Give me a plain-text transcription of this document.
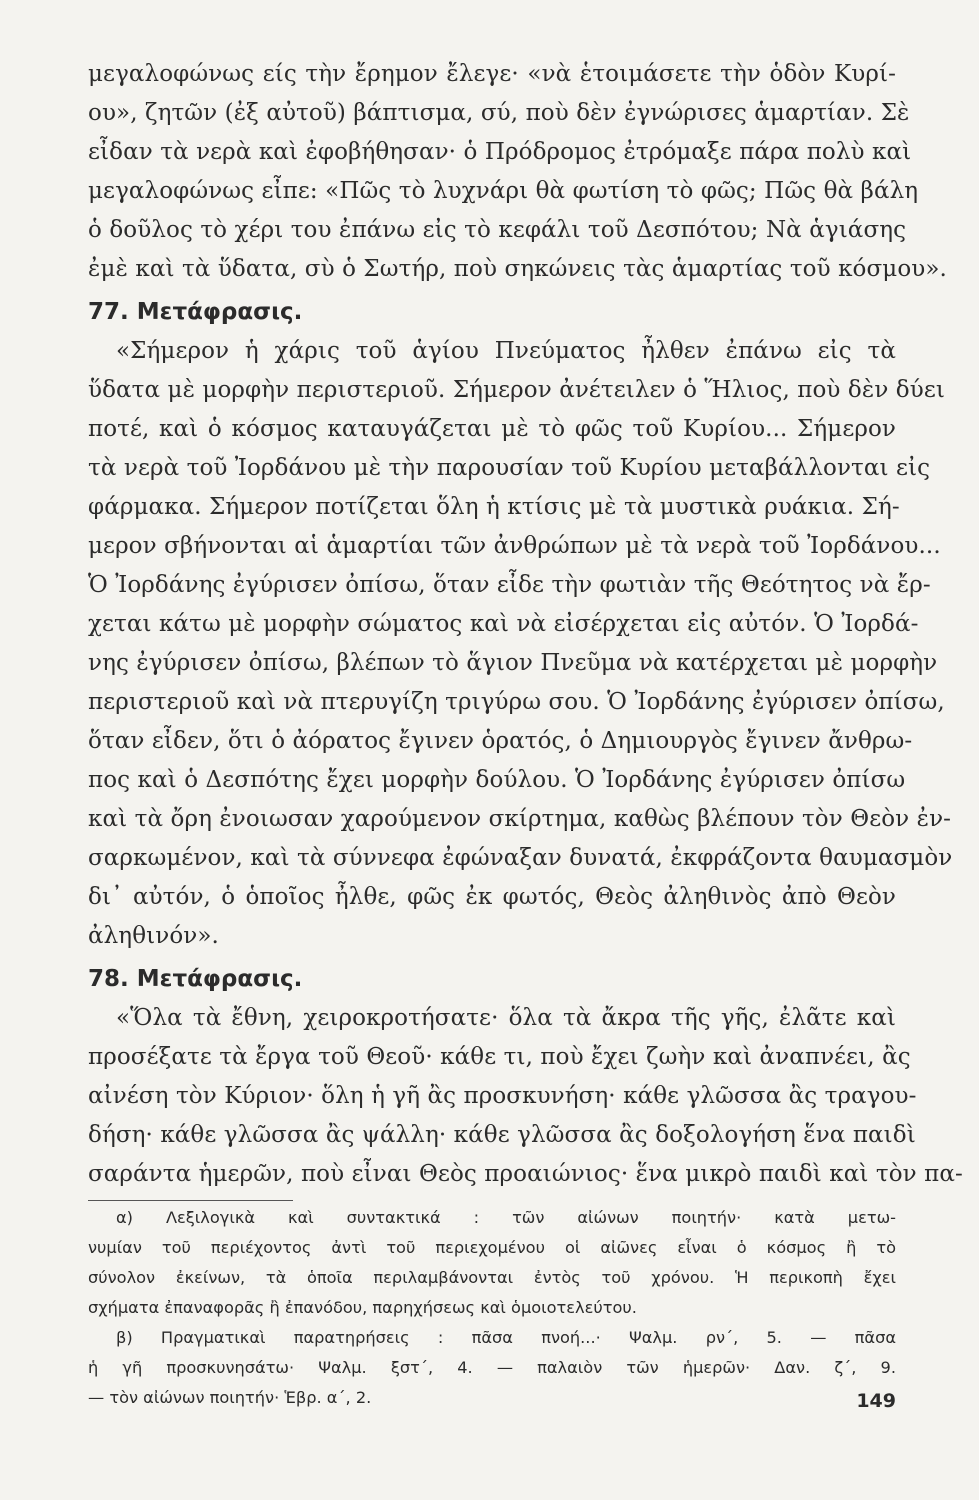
μεγαλοφώνως είς τὴν ἔρημον ἔλεγε· «νὰ ἑτοιμάσετε τὴν ὁδὸν Κυρί-
ου», ζητῶν (ἐξ αὐτοῦ) βάπτισμα, σύ, ποὺ δὲν ἐγνώρισες ἁμαρτίαν. Σὲ
εἶδαν τὰ νερὰ καὶ ἐφοβήθησαν· ὁ Πρόδρομος ἐτρόμαξε πάρα πολὺ καὶ
μεγαλοφώνως εἶπε: «Πῶς τὸ λυχνάρι θὰ φωτίση τὸ φῶς; Πῶς θὰ βάλη
ὁ δοῦλος τὸ χέρι του ἐπάνω εἰς τὸ κεφάλι τοῦ Δεσπότου; Νὰ ἁγιάσης
ἐμὲ καὶ τὰ ὕδατα, σὺ ὁ Σωτήρ, ποὺ σηκώνεις τὰς ἁμαρτίας τοῦ κόσμου».
77. Μετάφρασις.
«Σήμερον ἡ χάρις τοῦ ἁγίου Πνεύματος ἦλθεν ἐπάνω εἰς τὰ
ὕδατα μὲ μορφὴν περιστεριοῦ. Σήμερον ἀνέτειλεν ὁ Ἥλιος, ποὺ δὲν δύει
ποτέ, καὶ ὁ κόσμος καταυγάζεται μὲ τὸ φῶς τοῦ Κυρίου... Σήμερον
τὰ νερὰ τοῦ Ἰορδάνου μὲ τὴν παρουσίαν τοῦ Κυρίου μεταβάλλονται εἰς
φάρμακα. Σήμερον ποτίζεται ὅλη ἡ κτίσις μὲ τὰ μυστικὰ ρυάκια. Σή-
μερον σβήνονται αἱ ἁμαρτίαι τῶν ἀνθρώπων μὲ τὰ νερὰ τοῦ Ἰορδάνου...
Ὁ Ἰορδάνης ἐγύρισεν ὀπίσω, ὅταν εἶδε τὴν φωτιὰν τῆς Θεότητος νὰ ἔρ-
χεται κάτω μὲ μορφὴν σώματος καὶ νὰ εἰσέρχεται εἰς αὐτόν. Ὁ Ἰορδά-
νης ἐγύρισεν ὀπίσω, βλέπων τὸ ἅγιον Πνεῦμα νὰ κατέρχεται μὲ μορφὴν
περιστεριοῦ καὶ νὰ πτερυγίζη τριγύρω σου. Ὁ Ἰορδάνης ἐγύρισεν ὀπίσω,
ὅταν εἶδεν, ὅτι ὁ ἀόρατος ἔγινεν ὁρατός, ὁ Δημιουργὸς ἔγινεν ἄνθρω-
πος καὶ ὁ Δεσπότης ἔχει μορφὴν δούλου. Ὁ Ἰορδάνης ἐγύρισεν ὀπίσω
καὶ τὰ ὄρη ἐνοιωσαν χαρούμενον σκίρτημα, καθὼς βλέπουν τὸν Θεὸν ἐν-
σαρκωμένον, καὶ τὰ σύννεφα ἐφώναξαν δυνατά, ἐκφράζοντα θαυμασμὸν
δι᾽ αὐτόν, ὁ ὁποῖος ἦλθε, φῶς ἐκ φωτός, Θεὸς ἀληθινὸς ἀπὸ Θεὸν
ἀληθινόν».
78. Μετάφρασις.
«Ὅλα τὰ ἔθνη, χειροκροτήσατε· ὅλα τὰ ἄκρα τῆς γῆς, ἐλᾶτε καὶ
προσέξατε τὰ ἔργα τοῦ Θεοῦ· κάθε τι, ποὺ ἔχει ζωὴν καὶ ἀναπνέει, ἂς
αἰνέση τὸν Κύριον· ὅλη ἡ γῆ ἂς προσκυνήση· κάθε γλῶσσα ἂς τραγου-
δήση· κάθε γλῶσσα ἂς ψάλλη· κάθε γλῶσσα ἂς δοξολογήση ἕνα παιδὶ
σαράντα ἡμερῶν, ποὺ εἶναι Θεὸς προαιώνιος· ἕνα μικρὸ παιδὶ καὶ τὸν πα-
α) Λεξιλογικὰ καὶ συντακτικά : τῶν αἰώνων ποιητήν· κατὰ μετω-
νυμίαν τοῦ περιέχοντος ἀντὶ τοῦ περιεχομένου οἱ αἰῶνες εἶναι ὁ κόσμος ἢ τὸ
σύνολον ἐκείνων, τὰ ὁποῖα περιλαμβάνονται ἐντὸς τοῦ χρόνου. Ἡ περικοπὴ ἔχει
σχήματα ἐπαναφορᾶς ἢ ἐπανόδου, παρηχήσεως καὶ ὁμοιοτελεύτου.
β) Πραγματικαὶ παρατηρήσεις : πᾶσα πνοή...· Ψαλμ. ρν΄, 5. — πᾶσα
ἡ γῆ προσκυνησάτω· Ψαλμ. ξστ΄, 4. — παλαιὸν τῶν ἡμερῶν· Δαν. ζ΄, 9.
— τὸν αἰώνων ποιητήν· Ἑβρ. α΄, 2.	149
